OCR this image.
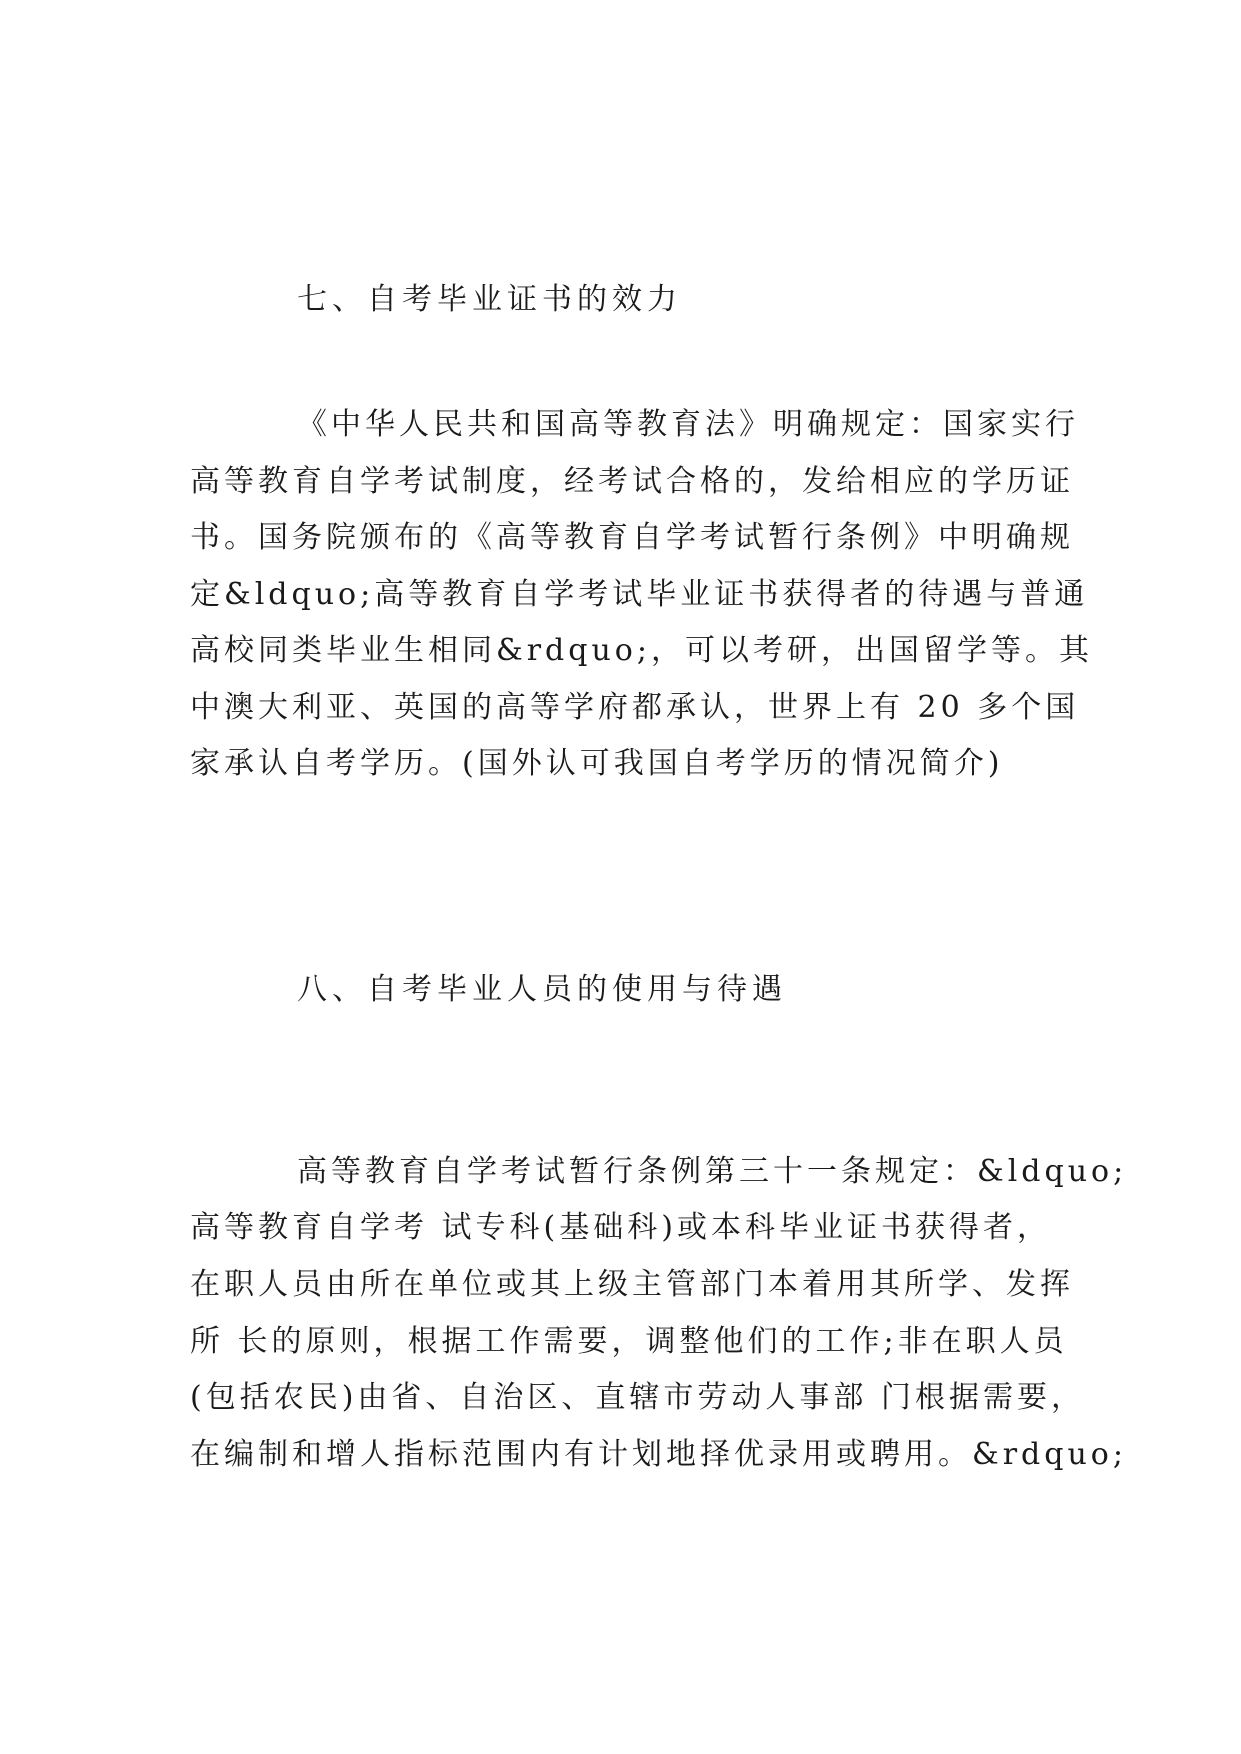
七、自考毕业证书的效力
《中华人民共和国高等教育法》明确规定：国家实行
高等教育自学考试制度，经考试合格的，发给相应的学历证
书。国务院颁布的《高等教育自学考试暂行条例》中明确规
定&ldquo;高等教育自学考试毕业证书获得者的待遇与普通
高校同类毕业生相同&rdquo;，可以考研，出国留学等。其
中澳大利亚、英国的高等学府都承认，世界上有 20 多个国
家承认自考学历。(国外认可我国自考学历的情况简介)
八、自考毕业人员的使用与待遇
高等教育自学考试暂行条例第三十一条规定：&ldquo;
高等教育自学考 试专科(基础科)或本科毕业证书获得者，
在职人员由所在单位或其上级主管部门本着用其所学、发挥
所 长的原则，根据工作需要，调整他们的工作;非在职人员
(包括农民)由省、自治区、直辖市劳动人事部 门根据需要，
在编制和增人指标范围内有计划地择优录用或聘用。&rdquo;
